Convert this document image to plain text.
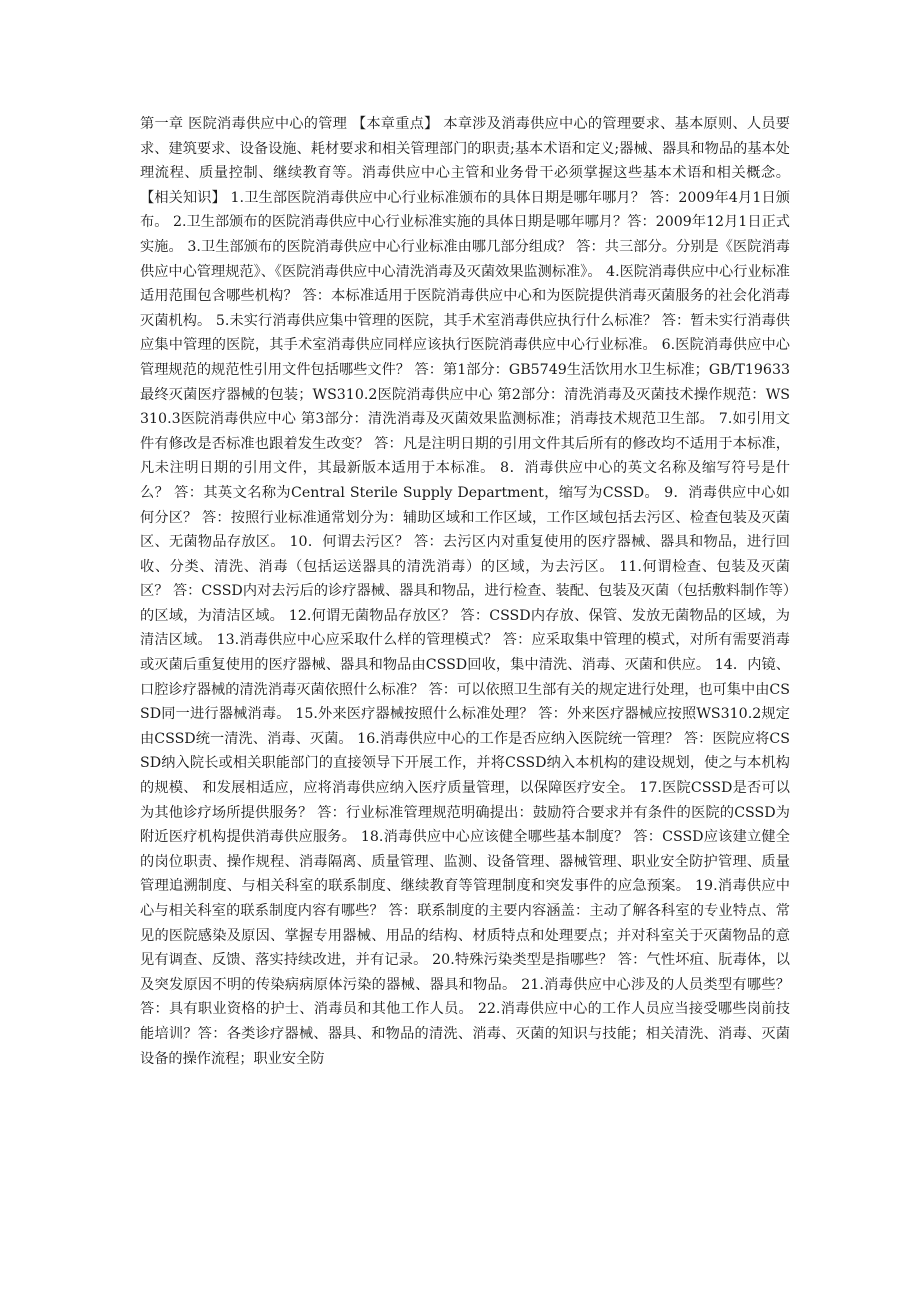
第一章 医院消毒供应中心的管理 【本章重点】 本章涉及消毒供应中心的管理要求、基本原则、人员要求、建筑要求、设备设施、耗材要求和相关管理部门的职责;基本术语和定义;器械、器具和物品的基本处理流程、质量控制、继续教育等。消毒供应中心主管和业务骨干必须掌握这些基本术语和相关概念。 【相关知识】 1.卫生部医院消毒供应中心行业标准颁布的具体日期是哪年哪月？ 答：2009年4月1日颁布。 2.卫生部颁布的医院消毒供应中心行业标准实施的具体日期是哪年哪月？答：2009年12月1日正式实施。 3.卫生部颁布的医院消毒供应中心行业标准由哪几部分组成？ 答：共三部分。分别是《医院消毒供应中心管理规范》、《医院消毒供应中心清洗消毒及灭菌效果监测标准》。 4.医院消毒供应中心行业标准适用范围包含哪些机构？ 答：本标准适用于医院消毒供应中心和为医院提供消毒灭菌服务的社会化消毒灭菌机构。 5.未实行消毒供应集中管理的医院，其手术室消毒供应执行什么标准？ 答：暂未实行消毒供应集中管理的医院，其手术室消毒供应同样应该执行医院消毒供应中心行业标准。 6.医院消毒供应中心管理规范的规范性引用文件包括哪些文件？ 答：第1部分：GB5749生活饮用水卫生标准；GB/T19633最终灭菌医疗器械的包装；WS310.2医院消毒供应中心 第2部分：清洗消毒及灭菌技术操作规范：WS310.3医院消毒供应中心 第3部分：清洗消毒及灭菌效果监测标准；消毒技术规范卫生部。 7.如引用文件有修改是否标准也跟着发生改变？ 答：凡是注明日期的引用文件其后所有的修改均不适用于本标准，凡未注明日期的引用文件，其最新版本适用于本标准。 8．消毒供应中心的英文名称及缩写符号是什么？ 答：其英文名称为Central Sterile Supply Department，缩写为CSSD。 9．消毒供应中心如何分区？ 答：按照行业标准通常划分为：辅助区域和工作区域，工作区域包括去污区、检查包装及灭菌区、无菌物品存放区。 10．何谓去污区？ 答：去污区内对重复使用的医疗器械、器具和物品，进行回收、分类、清洗、消毒（包括运送器具的清洗消毒）的区域，为去污区。 11.何谓检查、包装及灭菌区？ 答：CSSD内对去污后的诊疗器械、器具和物品，进行检查、装配、包装及灭菌（包括敷料制作等）的区域，为清洁区域。 12.何谓无菌物品存放区？ 答：CSSD内存放、保管、发放无菌物品的区域，为清洁区域。 13.消毒供应中心应采取什么样的管理模式？ 答：应采取集中管理的模式，对所有需要消毒或灭菌后重复使用的医疗器械、器具和物品由CSSD回收，集中清洗、消毒、灭菌和供应。 14．内镜、口腔诊疗器械的清洗消毒灭菌依照什么标准？ 答：可以依照卫生部有关的规定进行处理，也可集中由CSSD同一进行器械消毒。 15.外来医疗器械按照什么标准处理？ 答：外来医疗器械应按照WS310.2规定由CSSD统一清洗、消毒、灭菌。 16.消毒供应中心的工作是否应纳入医院统一管理？ 答：医院应将CSSD纳入院长或相关职能部门的直接领导下开展工作，并将CSSD纳入本机构的建设规划，使之与本机构的规模、 和发展相适应，应将消毒供应纳入医疗质量管理，以保障医疗安全。 17.医院CSSD是否可以为其他诊疗场所提供服务？ 答：行业标准管理规范明确提出：鼓励符合要求并有条件的医院的CSSD为附近医疗机构提供消毒供应服务。 18.消毒供应中心应该健全哪些基本制度？ 答：CSSD应该建立健全的岗位职责、操作规程、消毒隔离、质量管理、监测、设备管理、器械管理、职业安全防护管理、质量管理追溯制度、与相关科室的联系制度、继续教育等管理制度和突发事件的应急预案。 19.消毒供应中心与相关科室的联系制度内容有哪些？ 答：联系制度的主要内容涵盖：主动了解各科室的专业特点、常见的医院感染及原因、掌握专用器械、用品的结构、材质特点和处理要点；并对科室关于灭菌物品的意见有调查、反馈、落实持续改进，并有记录。 20.特殊污染类型是指哪些？ 答：气性坏疽、朊毒体，以及突发原因不明的传染病病原体污染的器械、器具和物品。 21.消毒供应中心涉及的人员类型有哪些？ 答：具有职业资格的护士、消毒员和其他工作人员。 22.消毒供应中心的工作人员应当接受哪些岗前技能培训？答：各类诊疗器械、器具、和物品的清洗、消毒、灭菌的知识与技能；相关清洗、消毒、灭菌设备的操作流程；职业安全防
